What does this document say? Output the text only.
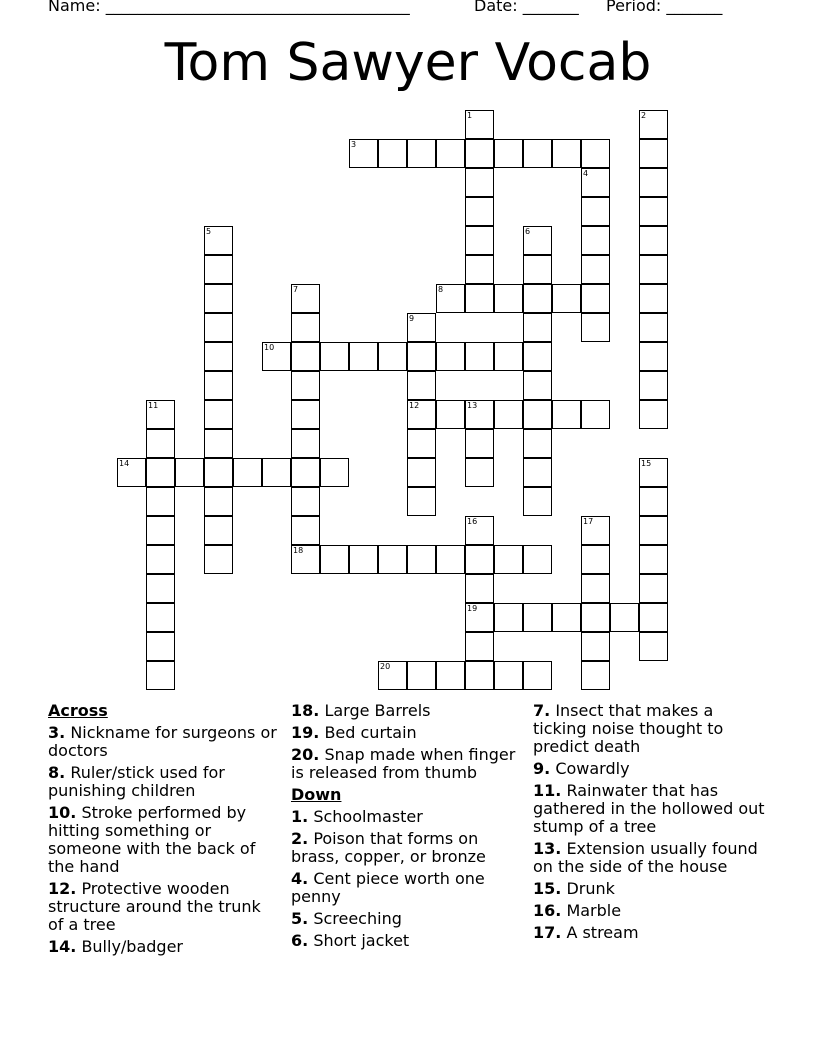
Name: ______________________________________	Date: _______ Period: _______
Tom Sawyer Vocab
1	2
3
4
5	6
7
18
8
9
12
10
11	13
14	15
16
19
17
20
Across
3. Nickname for surgeons or doctors
8. Ruler/stick used for punishing children
10. Stroke performed by hitting something or someone with the back of the hand
12. Protective wooden structure around the trunk of a tree
14. Bully/badger
18. Large Barrels
19. Bed curtain
20. Snap made when finger is released from thumb
Down
1. Schoolmaster
2. Poison that forms on brass, copper, or bronze
4. Cent piece worth one penny
5. Screeching
6. Short jacket
7. Insect that makes a ticking noise thought to predict death
9. Cowardly
11. Rainwater that has gathered in the hollowed out stump of a tree
13. Extension usually found on the side of the house
15. Drunk
16. Marble
17. A stream
